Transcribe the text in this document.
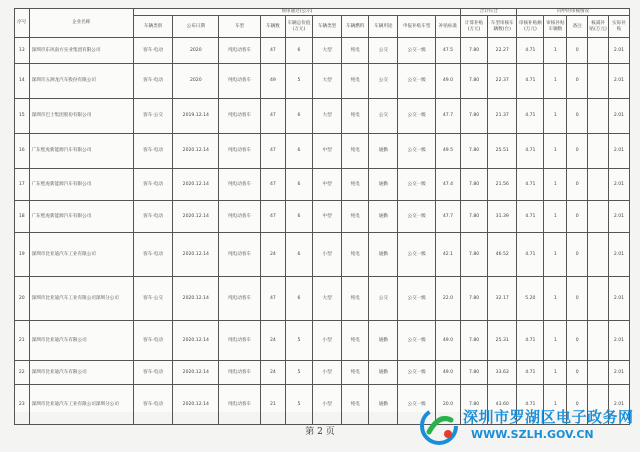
序号	企业名称	预审通过(公示)										合计符合		同中的审核情况				
		车辆类别	公布日期	车型	车辆数	车辆总价值(万元)	车辆类型	车辆燃料	车辆用途	申报补贴车型	补贴标准	计算补贴(万元)	车型审核车辆数(台)	审核补贴额(万元)	审核补贴车辆数	备注	核减补贴(万元)	实际补贴
13	深圳市东风南方实业集团有限公司	客车·电动	2020	纯电动客车	47	6	大型	纯电	公交	公交一级	47.5	7.80	22.27	4.71	1	0		2.01
14	深圳市五洲龙汽车股份有限公司	客车·电动	2020	纯电动客车	49	5	大型	纯电	公交	公交一级	49.0	7.80	22.37	4.71	1	0		2.01
15	深圳市巴士集团股份有限公司	客车·公交	2019.12.14	纯电动客车	47	6	大型	纯电	公交	公交一级	47.7	7.80	21.37	4.71	1	0		2.01
16	广东壁虎新能源汽车有限公司	客车·电动	2020.12.14	纯电动客车	47	6	中型	纯电	通勤	公交一级	49.5	7.80	25.51	4.71	1	0		2.01
17	广东壁虎新能源汽车有限公司	客车·电动	2020.12.14	纯电动客车	47	6	中型	纯电	通勤	公交一级	47.4	7.80	21.56	4.71	1	0		2.01
18	广东壁虎新能源汽车有限公司	客车·电动	2020.12.14	纯电动客车	47	6	中型	纯电	通勤	公交一级	47.7	7.80	31.39	4.71	1	0		2.01
19	深圳市比亚迪汽车工业有限公司	客车·电动	2020.12.14	纯电动客车	24	6	小型	纯电	通勤	公交一级	42.1	7.80	46.52	4.71	1	0		2.01
20	深圳市比亚迪汽车工业有限公司深圳分公司	客车·公交	2020.12.14	纯电动客车	47	6	大型	纯电	公交	公交一级	22.0	7.80	32.17	5.20	1	0		2.01
21	深圳市比亚迪汽车有限公司	客车·电动	2020.12.14	纯电动客车	24	5	小型	纯电	通勤	公交一级	49.0	7.80	25.31	4.71	1	0		2.01
22	深圳市比亚迪汽车有限公司	客车·电动	2020.12.14	纯电动客车	24	5	小型	纯电	通勤	公交一级	49.0	7.80	33.63	4.71	1	0		2.01
23	深圳市比亚迪汽车工业有限公司深圳分公司	客车·电动	2020.12.14	纯电动客车	21	5	小型	纯电	通勤	公交一级	20.0	7.80	43.60	4.71	1	0		2.01
第 2 页
深圳市罗湖区电子政务网
WWW.SZLH.GOV.CN
